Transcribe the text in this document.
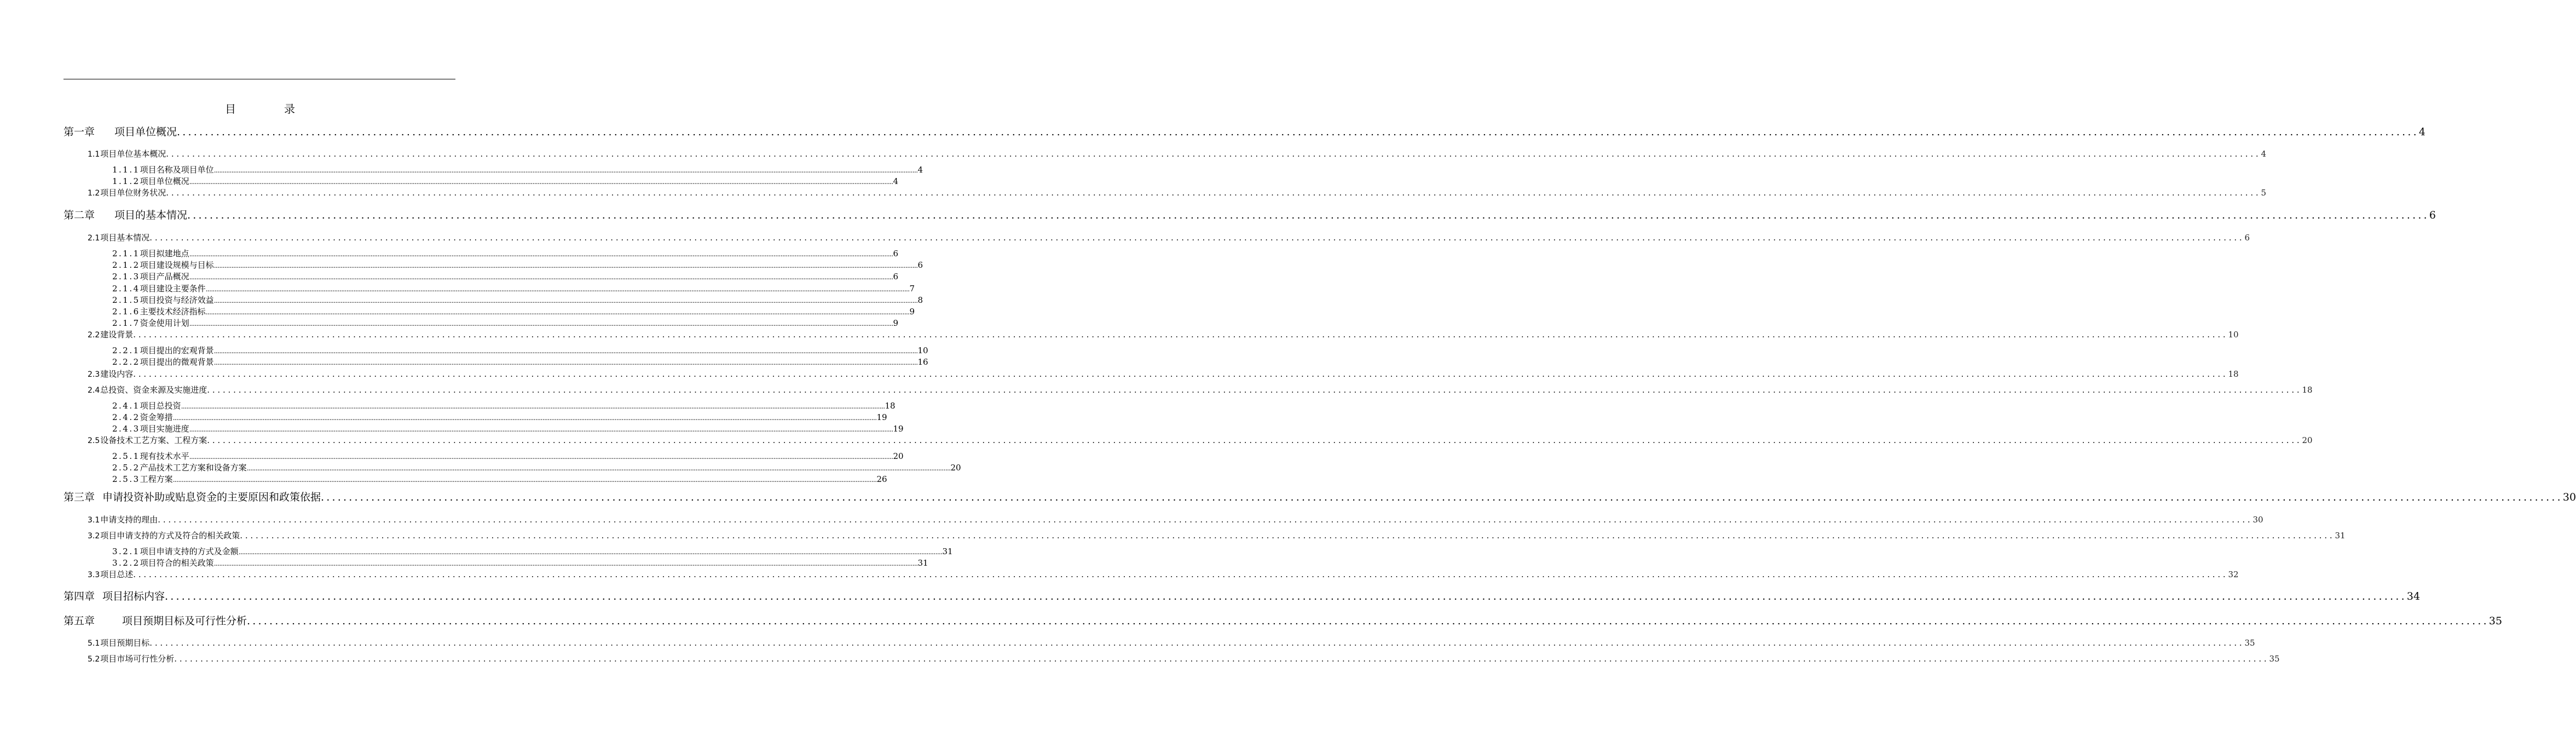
目　录
第一章 项目单位概况 ................................................................................................................................................................................................................................................................................................................................................................................................................ 4
1.1 项目单位基本概况 ................................................................................................................................................................................................................................................................................................................................................................................................................ 4
1.1.1 项目名称及项目单位 ................................................................................................................................................................................................................................................................................................................................................................................................................ 4
1.1.2 项目单位概况 ................................................................................................................................................................................................................................................................................................................................................................................................................ 4
1.2 项目单位财务状况 ................................................................................................................................................................................................................................................................................................................................................................................................................ 5
第二章 项目的基本情况 ................................................................................................................................................................................................................................................................................................................................................................................................................ 6
2.1 项目基本情况 ................................................................................................................................................................................................................................................................................................................................................................................................................ 6
2.1.1 项目拟建地点 ................................................................................................................................................................................................................................................................................................................................................................................................................ 6
2.1.2 项目建设规模与目标 ................................................................................................................................................................................................................................................................................................................................................................................................................ 6
2.1.3 项目产品概况 ................................................................................................................................................................................................................................................................................................................................................................................................................ 6
2.1.4 项目建设主要条件 ................................................................................................................................................................................................................................................................................................................................................................................................................ 7
2.1.5 项目投资与经济效益 ................................................................................................................................................................................................................................................................................................................................................................................................................ 8
2.1.6 主要技术经济指标 ................................................................................................................................................................................................................................................................................................................................................................................................................ 9
2.1.7 资金使用计划 ................................................................................................................................................................................................................................................................................................................................................................................................................ 9
2.2 建设背景 ................................................................................................................................................................................................................................................................................................................................................................................................................ 10
2.2.1 项目提出的宏观背景 ................................................................................................................................................................................................................................................................................................................................................................................................................ 10
2.2.2 项目提出的微观背景 ................................................................................................................................................................................................................................................................................................................................................................................................................ 16
2.3 建设内容 ................................................................................................................................................................................................................................................................................................................................................................................................................ 18
2.4 总投资、资金来源及实施进度 ................................................................................................................................................................................................................................................................................................................................................................................................................ 18
2.4.1 项目总投资 ................................................................................................................................................................................................................................................................................................................................................................................................................ 18
2.4.2 资金筹措 ................................................................................................................................................................................................................................................................................................................................................................................................................ 19
2.4.3 项目实施进度 ................................................................................................................................................................................................................................................................................................................................................................................................................ 19
2.5 设备技术工艺方案、工程方案 ................................................................................................................................................................................................................................................................................................................................................................................................................ 20
2.5.1 现有技术水平 ................................................................................................................................................................................................................................................................................................................................................................................................................ 20
2.5.2 产品技术工艺方案和设备方案 ................................................................................................................................................................................................................................................................................................................................................................................................................ 20
2.5.3 工程方案 ................................................................................................................................................................................................................................................................................................................................................................................................................ 26
第三章 申请投资补助或贴息资金的主要原因和政策依据 ................................................................................................................................................................................................................................................................................................................................................................................................................ 30
3.1 申请支持的理由 ................................................................................................................................................................................................................................................................................................................................................................................................................ 30
3.2 项目申请支持的方式及符合的相关政策 ................................................................................................................................................................................................................................................................................................................................................................................................................ 31
3.2.1 项目申请支持的方式及金额 ................................................................................................................................................................................................................................................................................................................................................................................................................ 31
3.2.2 项目符合的相关政策 ................................................................................................................................................................................................................................................................................................................................................................................................................ 31
3.3 项目总述 ................................................................................................................................................................................................................................................................................................................................................................................................................ 32
第四章 项目招标内容 ................................................................................................................................................................................................................................................................................................................................................................................................................ 34
第五章	项目预期目标及可行性分析 ................................................................................................................................................................................................................................................................................................................................................................................................................ 35
5.1 项目预期目标 ................................................................................................................................................................................................................................................................................................................................................................................................................ 35
5.2 项目市场可行性分析 ................................................................................................................................................................................................................................................................................................................................................................................................................ 35
